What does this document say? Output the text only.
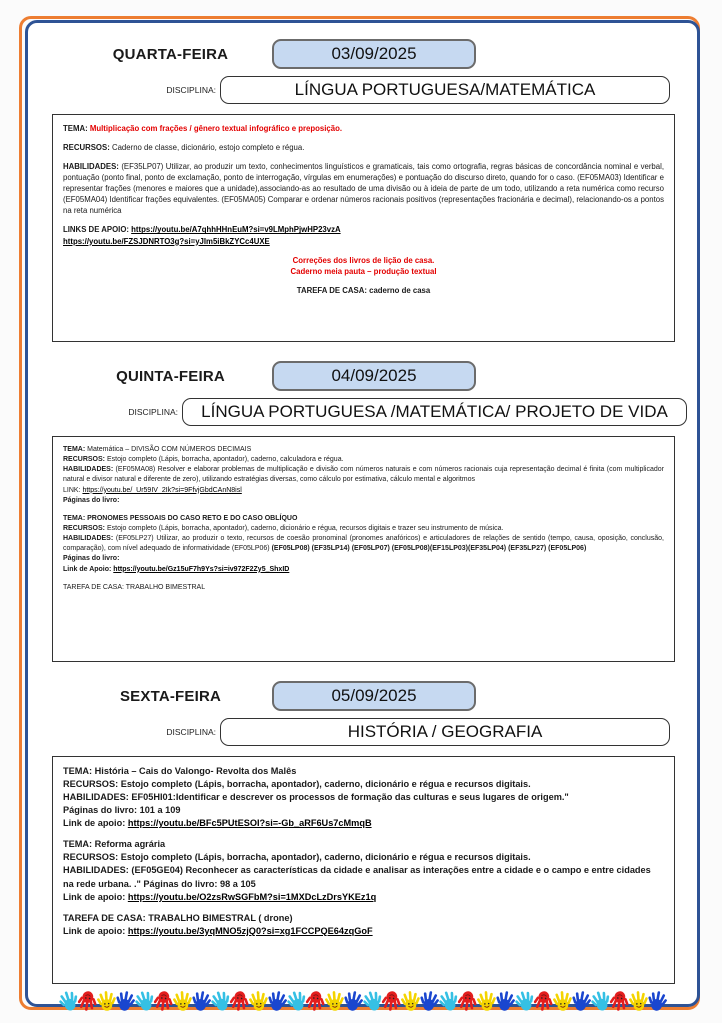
QUARTA-FEIRA	03/09/2025
DISCIPLINA:	LÍNGUA PORTUGUESA/MATEMÁTICA
TEMA: Multiplicação com frações / gênero textual infográfico e preposição.
RECURSOS: Caderno de classe, dicionário, estojo completo e régua.
HABILIDADES: (EF35LP07) Utilizar, ao produzir um texto, conhecimentos linguísticos e gramaticais, tais como ortografia, regras básicas de concordância nominal e verbal, pontuação (ponto final, ponto de exclamação, ponto de interrogação, vírgulas em enumerações) e pontuação do discurso direto, quando for o caso. (EF05MA03) Identificar e representar frações (menores e maiores que a unidade),associando-as ao resultado de uma divisão ou à ideia de parte de um todo, utilizando a reta numérica como recurso (EF05MA04) Identificar frações equivalentes. (EF05MA05) Comparar e ordenar números racionais positivos (representações fracionária e decimal), relacionando-os a pontos na reta numérica
LINKS DE APOIO: https://youtu.be/A7qhhHHnEuM?si=v9LMphPjwHP23vzA
https://youtu.be/FZSJDNRTO3g?si=yJlm5iBkZYCc4UXE
Correções dos livros de lição de casa.
Caderno meia pauta – produção textual
TAREFA DE CASA: caderno de casa
QUINTA-FEIRA	04/09/2025
DISCIPLINA: LÍNGUA PORTUGUESA /MATEMÁTICA/ PROJETO DE VIDA
TEMA: Matemática – DIVISÃO COM NÚMEROS DECIMAIS
RECURSOS: Estojo completo (Lápis, borracha, apontador), caderno, calculadora e régua.
HABILIDADES: (EF05MA08) Resolver e elaborar problemas de multiplicação e divisão com números naturais e com números racionais cuja representação decimal é finita (com multiplicador natural e divisor natural e diferente de zero), utilizando estratégias diversas, como cálculo por estimativa, cálculo mental e algoritmos
LINK: https://youtu.be/_Ur59IV_2Ik?si=9FfvjGbdCAnN8isl
Páginas do livro:
TEMA: PRONOMES PESSOAIS DO CASO RETO E DO CASO OBLÍQUO
RECURSOS: Estojo completo (Lápis, borracha, apontador), caderno, dicionário e régua, recursos digitais e trazer seu instrumento de música.
HABILIDADES: (EF05LP27) Utilizar, ao produzir o texto, recursos de coesão pronominal (pronomes anafóricos) e articuladores de relações de sentido (tempo, causa, oposição, conclusão, comparação), com nível adequado de informatividade (EF05LP06) (EF05LP08) (EF35LP14) (EF05LP07) (EF05LP08)(EF15LP03)(EF35LP04) (EF35LP27) (EF05LP06)
Páginas do livro:
Link de Apoio: https://youtu.be/Gz15uF7h9Ys?si=iv972F2Zy5_ShxID
TAREFA DE CASA: TRABALHO BIMESTRAL
SEXTA-FEIRA	05/09/2025
DISCIPLINA:	HISTÓRIA / GEOGRAFIA
TEMA: História – Cais do Valongo- Revolta dos Malês
RECURSOS: Estojo completo (Lápis, borracha, apontador), caderno, dicionário e régua e recursos digitais.
HABILIDADES: EF05HI01:Identificar e descrever os processos de formação das culturas e seus lugares de origem."
Páginas do livro: 101 a 109
Link de apoio: https://youtu.be/BFc5PUtESOI?si=-Gb_aRF6Us7cMmqB
TEMA: Reforma agrária
RECURSOS: Estojo completo (Lápis, borracha, apontador), caderno, dicionário e régua e recursos digitais.
HABILIDADES: (EF05GE04) Reconhecer as características da cidade e analisar as interações entre a cidade e o campo e entre cidades na rede urbana. ." Páginas do livro: 98 a 105
Link de apoio: https://youtu.be/O2zsRwSGFbM?si=1MXDcLzDrsYKEz1q
TAREFA DE CASA: TRABALHO BIMESTRAL ( drone)
Link de apoio: https://youtu.be/3yqMNO5zjQ0?si=xg1FCCPQE64zqGoF
